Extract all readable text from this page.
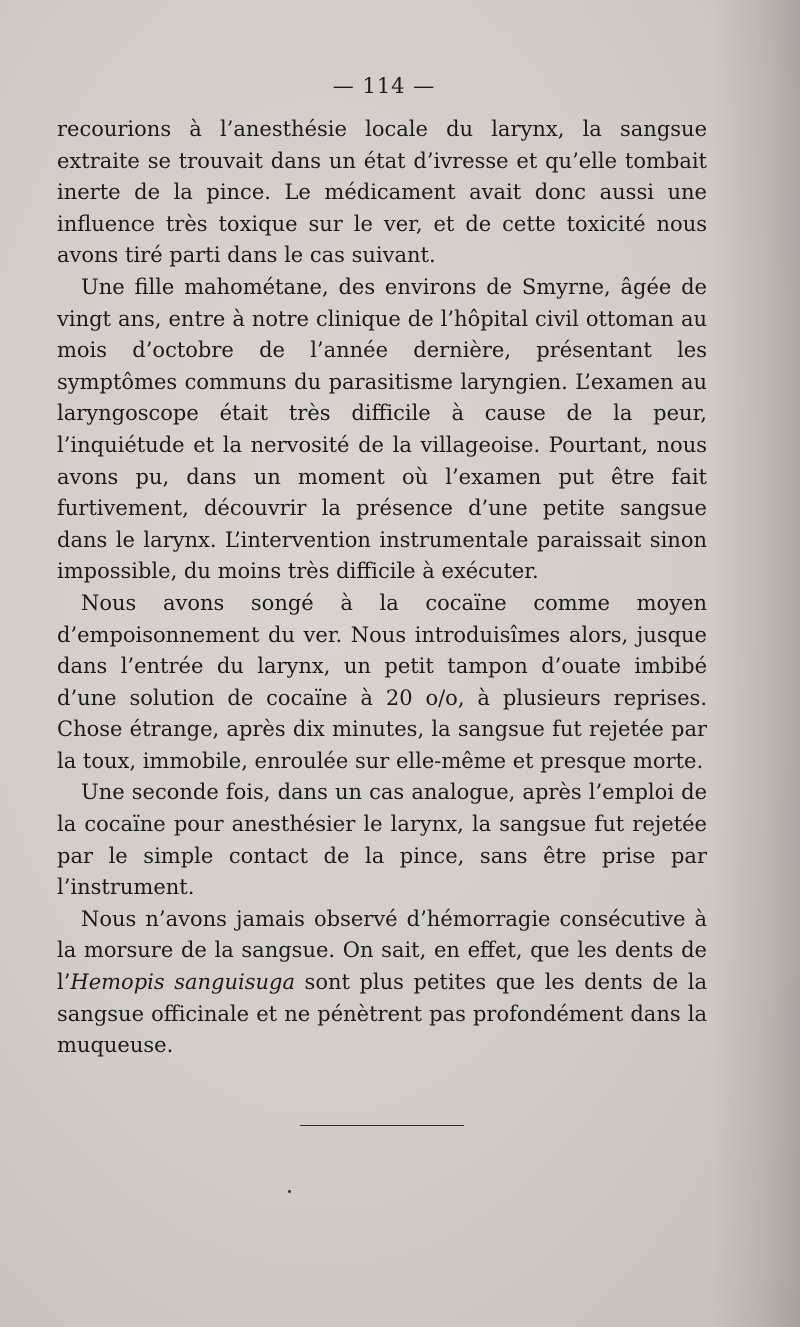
— 114 —

recourions à l’anesthésie locale du larynx, la sangsue extraite se trouvait dans un état d’ivresse et qu’elle tombait inerte de la pince. Le médicament avait donc aussi une influence très toxique sur le ver, et de cette toxicité nous avons tiré parti dans le cas suivant.

Une fille mahométane, des environs de Smyrne, âgée de vingt ans, entre à notre clinique de l’hôpital civil ottoman au mois d’octobre de l’année dernière, présentant les symptômes communs du parasitisme laryngien. L’examen au laryngoscope était très difficile à cause de la peur, l’inquiétude et la nervosité de la villageoise. Pourtant, nous avons pu, dans un moment où l’examen put être fait furtivement, découvrir la présence d’une petite sangsue dans le larynx. L’intervention instrumentale paraissait sinon impossible, du moins très difficile à exécuter.

Nous avons songé à la cocaïne comme moyen d’empoisonnement du ver. Nous introduisîmes alors, jusque dans l’entrée du larynx, un petit tampon d’ouate imbibé d’une solution de cocaïne à 20 o/o, à plusieurs reprises. Chose étrange, après dix minutes, la sangsue fut rejetée par la toux, immobile, enroulée sur elle-même et presque morte.

Une seconde fois, dans un cas analogue, après l’emploi de la cocaïne pour anesthésier le larynx, la sangsue fut rejetée par le simple contact de la pince, sans être prise par l’instrument.

Nous n’avons jamais observé d’hémorragie consécutive à la morsure de la sangsue. On sait, en effet, que les dents de l’Hemopis sanguisuga sont plus petites que les dents de la sangsue officinale et ne pénètrent pas profondément dans la muqueuse.
